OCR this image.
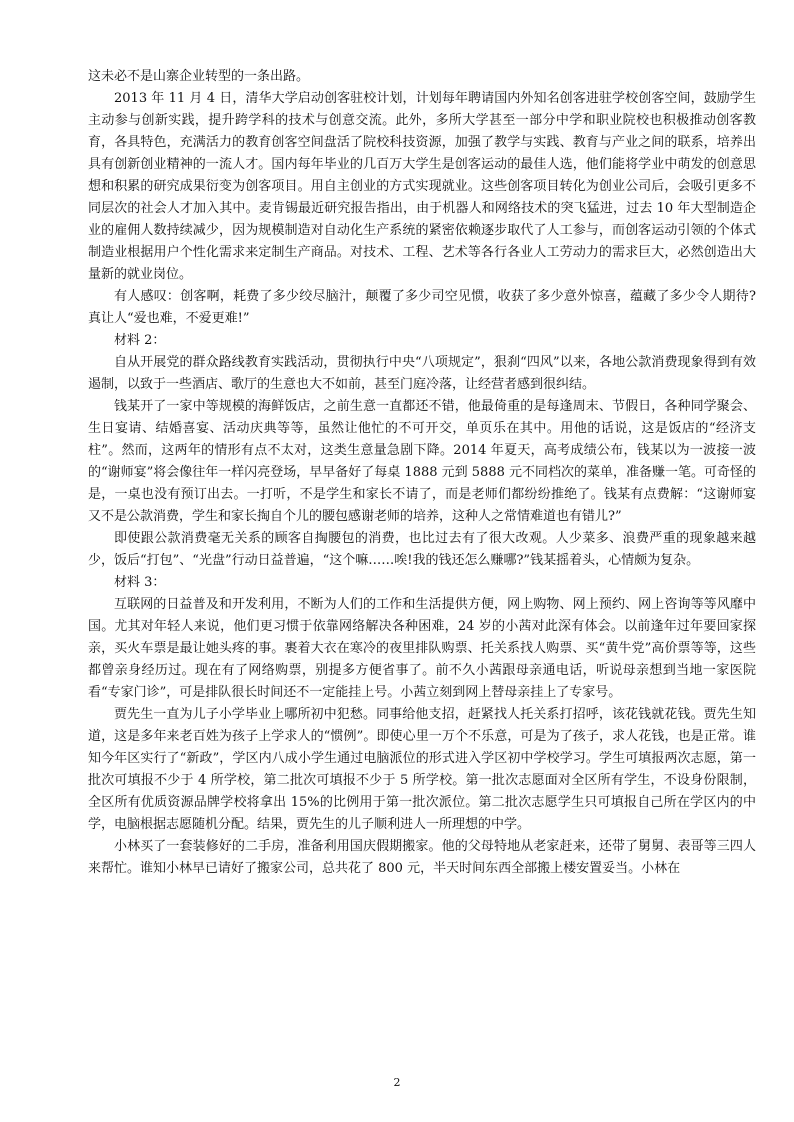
这未必不是山寨企业转型的一条出路。

2013 年 11 月 4 日，清华大学启动创客驻校计划，计划每年聘请国内外知名创客进驻学校创客空间，鼓励学生主动参与创新实践，提升跨学科的技术与创意交流。此外，多所大学甚至一部分中学和职业院校也积极推动创客教育，各具特色，充满活力的教育创客空间盘活了院校科技资源，加强了教学与实践、教育与产业之间的联系，培养出具有创新创业精神的一流人才。国内每年毕业的几百万大学生是创客运动的最佳人选，他们能将学业中萌发的创意思想和积累的研究成果衍变为创客项目。用自主创业的方式实现就业。这些创客项目转化为创业公司后，会吸引更多不同层次的社会人才加入其中。麦肯锡最近研究报告指出，由于机器人和网络技术的突飞猛进，过去 10 年大型制造企业的雇佣人数持续减少，因为规模制造对自动化生产系统的紧密依赖逐步取代了人工参与，而创客运动引领的个体式制造业根据用户个性化需求来定制生产商品。对技术、工程、艺术等各行各业人工劳动力的需求巨大，必然创造出大量新的就业岗位。

有人感叹：创客啊，耗费了多少绞尽脑汁，颠覆了多少司空见惯，收获了多少意外惊喜，蕴藏了多少令人期待?真让人“爱也难，不爱更难!”

材料 2：

自从开展党的群众路线教育实践活动，贯彻执行中央“八项规定”，狠刹“四风”以来，各地公款消费现象得到有效遏制，以致于一些酒店、歌厅的生意也大不如前，甚至门庭冷落，让经营者感到很纠结。

钱某开了一家中等规模的海鲜饭店，之前生意一直都还不错，他最倚重的是每逢周末、节假日，各种同学聚会、生日宴请、结婚喜宴、活动庆典等等，虽然让他忙的不可开交，单页乐在其中。用他的话说，这是饭店的“经济支柱”。然而，这两年的情形有点不太对，这类生意量急剧下降。2014 年夏天，高考成绩公布，钱某以为一波接一波的“谢师宴”将会像往年一样闪亮登场，早早备好了每桌 1888 元到 5888 元不同档次的菜单，准备赚一笔。可奇怪的是，一桌也没有预订出去。一打听，不是学生和家长不请了，而是老师们都纷纷推绝了。钱某有点费解：“这谢师宴又不是公款消费，学生和家长掏自个儿的腰包感谢老师的培养，这种人之常情难道也有错儿?”

即使跟公款消费毫无关系的顾客自掏腰包的消费，也比过去有了很大改观。人少菜多、浪费严重的现象越来越少，饭后“打包”、“光盘”行动日益普遍，“这个嘛……唉!我的钱还怎么赚哪?”钱某摇着头，心情颇为复杂。

材料 3：

互联网的日益普及和开发利用，不断为人们的工作和生活提供方便，网上购物、网上预约、网上咨询等等风靡中国。尤其对年轻人来说，他们更习惯于依靠网络解决各种困难，24 岁的小茜对此深有体会。以前逢年过年要回家探亲，买火车票是最让她头疼的事。裹着大衣在寒冷的夜里排队购票、托关系找人购票、买“黄牛党”高价票等等，这些都曾亲身经历过。现在有了网络购票，别提多方便省事了。前不久小茜跟母亲通电话，听说母亲想到当地一家医院看“专家门诊”，可是排队很长时间还不一定能挂上号。小茜立刻到网上替母亲挂上了专家号。

贾先生一直为儿子小学毕业上哪所初中犯愁。同事给他支招，赶紧找人托关系打招呼，该花钱就花钱。贾先生知道，这是多年来老百姓为孩子上学求人的“惯例”。即使心里一万个不乐意，可是为了孩子，求人花钱，也是正常。谁知今年区实行了“新政”，学区内八成小学生通过电脑派位的形式进入学区初中学校学习。学生可填报两次志愿，第一批次可填报不少于 4 所学校，第二批次可填报不少于 5 所学校。第一批次志愿面对全区所有学生，不设身份限制，全区所有优质资源品牌学校将拿出 15%的比例用于第一批次派位。第二批次志愿学生只可填报自己所在学区内的中学，电脑根据志愿随机分配。结果，贾先生的儿子顺利进人一所理想的中学。

小林买了一套装修好的二手房，准备利用国庆假期搬家。他的父母特地从老家赶来，还带了舅舅、表哥等三四人来帮忙。谁知小林早已请好了搬家公司，总共花了 800 元，半天时间东西全部搬上楼安置妥当。小林在

2
